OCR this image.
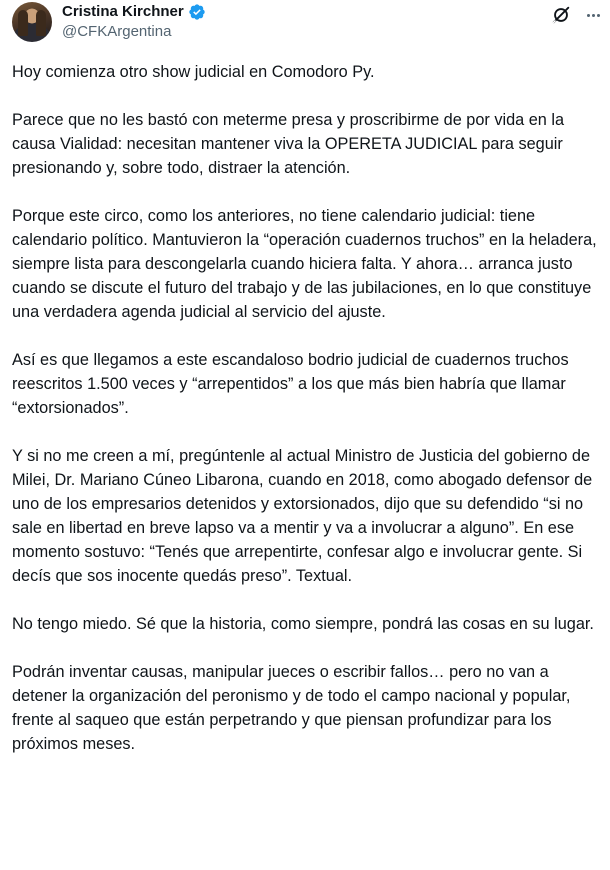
Cristina Kirchner
@CFKArgentina

Hoy comienza otro show judicial en Comodoro Py.

Parece que no les bastó con meterme presa y proscribirme de por vida en la causa Vialidad: necesitan mantener viva la OPERETA JUDICIAL para seguir presionando y, sobre todo, distraer la atención.

Porque este circo, como los anteriores, no tiene calendario judicial: tiene calendario político. Mantuvieron la “operación cuadernos truchos” en la heladera, siempre lista para descongelarla cuando hiciera falta. Y ahora… arranca justo cuando se discute el futuro del trabajo y de las jubilaciones, en lo que constituye una verdadera agenda judicial al servicio del ajuste.

Así es que llegamos a este escandaloso bodrio judicial de cuadernos truchos reescritos 1.500 veces y “arrepentidos” a los que más bien habría que llamar “extorsionados”.

Y si no me creen a mí, pregúntenle al actual Ministro de Justicia del gobierno de Milei, Dr. Mariano Cúneo Libarona, cuando en 2018, como abogado defensor de uno de los empresarios detenidos y extorsionados, dijo que su defendido “si no sale en libertad en breve lapso va a mentir y va a involucrar a alguno”. En ese momento sostuvo: “Tenés que arrepentirte, confesar algo e involucrar gente. Si decís que sos inocente quedás preso”. Textual.

No tengo miedo. Sé que la historia, como siempre, pondrá las cosas en su lugar.

Podrán inventar causas, manipular jueces o escribir fallos… pero no van a detener la organización del peronismo y de todo el campo nacional y popular, frente al saqueo que están perpetrando y que piensan profundizar para los próximos meses.
